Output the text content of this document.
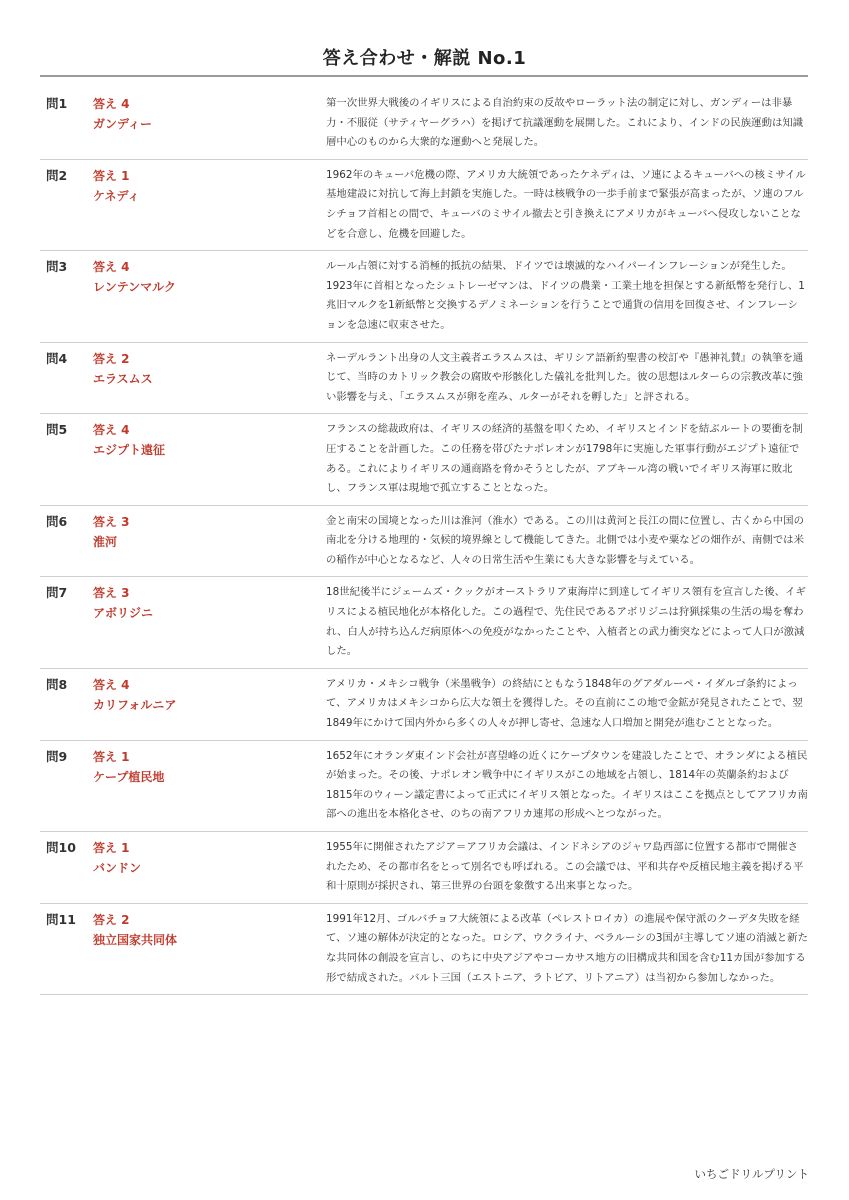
答え合わせ・解説 No.1
問1	答え 4
ガンディー
第一次世界大戦後のイギリスによる自治約束の反故やローラット法の制定に対し、ガンディーは非暴力・不服従（サティヤーグラハ）を掲げて抗議運動を展開した。これにより、インドの民族運動は知識層中心のものから大衆的な運動へと発展した。
問2	答え 1
ケネディ
1962年のキューバ危機の際、アメリカ大統領であったケネディは、ソ連によるキューバへの核ミサイル基地建設に対抗して海上封鎖を実施した。一時は核戦争の一歩手前まで緊張が高まったが、ソ連のフルシチョフ首相との間で、キューバのミサイル撤去と引き換えにアメリカがキューバへ侵攻しないことなどを合意し、危機を回避した。
問3	答え 4
レンテンマルク
ルール占領に対する消極的抵抗の結果、ドイツでは壊滅的なハイパーインフレーションが発生した。1923年に首相となったシュトレーゼマンは、ドイツの農業・工業土地を担保とする新紙幣を発行し、1兆旧マルクを1新紙幣と交換するデノミネーションを行うことで通貨の信用を回復させ、インフレーションを急速に収束させた。
問4	答え 2
エラスムス
ネーデルラント出身の人文主義者エラスムスは、ギリシア語新約聖書の校訂や『愚神礼賛』の執筆を通じて、当時のカトリック教会の腐敗や形骸化した儀礼を批判した。彼の思想はルターらの宗教改革に強い影響を与え、「エラスムスが卵を産み、ルターがそれを孵した」と評される。
問5	答え 4
エジプト遠征
フランスの総裁政府は、イギリスの経済的基盤を叩くため、イギリスとインドを結ぶルートの要衝を制圧することを計画した。この任務を帯びたナポレオンが1798年に実施した軍事行動がエジプト遠征である。これによりイギリスの通商路を脅かそうとしたが、アブキール湾の戦いでイギリス海軍に敗北し、フランス軍は現地で孤立することとなった。
問6	答え 3
淮河
金と南宋の国境となった川は淮河（淮水）である。この川は黄河と長江の間に位置し、古くから中国の南北を分ける地理的・気候的境界線として機能してきた。北側では小麦や粟などの畑作が、南側では米の稲作が中心となるなど、人々の日常生活や生業にも大きな影響を与えている。
問7	答え 3
アボリジニ
18世紀後半にジェームズ・クックがオーストラリア東海岸に到達してイギリス領有を宣言した後、イギリスによる植民地化が本格化した。この過程で、先住民であるアボリジニは狩猟採集の生活の場を奪われ、白人が持ち込んだ病原体への免疫がなかったことや、入植者との武力衝突などによって人口が激減した。
問8	答え 4
カリフォルニア
アメリカ・メキシコ戦争（米墨戦争）の終結にともなう1848年のグアダルーペ・イダルゴ条約によって、アメリカはメキシコから広大な領土を獲得した。その直前にこの地で金鉱が発見されたことで、翌1849年にかけて国内外から多くの人々が押し寄せ、急速な人口増加と開発が進むこととなった。
問9	答え 1
ケープ植民地
1652年にオランダ東インド会社が喜望峰の近くにケープタウンを建設したことで、オランダによる植民が始まった。その後、ナポレオン戦争中にイギリスがこの地域を占領し、1814年の英蘭条約および1815年のウィーン議定書によって正式にイギリス領となった。イギリスはここを拠点としてアフリカ南部への進出を本格化させ、のちの南アフリカ連邦の形成へとつながった。
問10	答え 1
バンドン
1955年に開催されたアジア＝アフリカ会議は、インドネシアのジャワ島西部に位置する都市で開催されたため、その都市名をとって別名でも呼ばれる。この会議では、平和共存や反植民地主義を掲げる平和十原則が採択され、第三世界の台頭を象徴する出来事となった。
問11	答え 2
独立国家共同体
1991年12月、ゴルバチョフ大統領による改革（ペレストロイカ）の進展や保守派のクーデタ失敗を経て、ソ連の解体が決定的となった。ロシア、ウクライナ、ベラルーシの3国が主導してソ連の消滅と新たな共同体の創設を宣言し、のちに中央アジアやコーカサス地方の旧構成共和国を含む11カ国が参加する形で結成された。バルト三国（エストニア、ラトビア、リトアニア）は当初から参加しなかった。
いちごドリルプリント
